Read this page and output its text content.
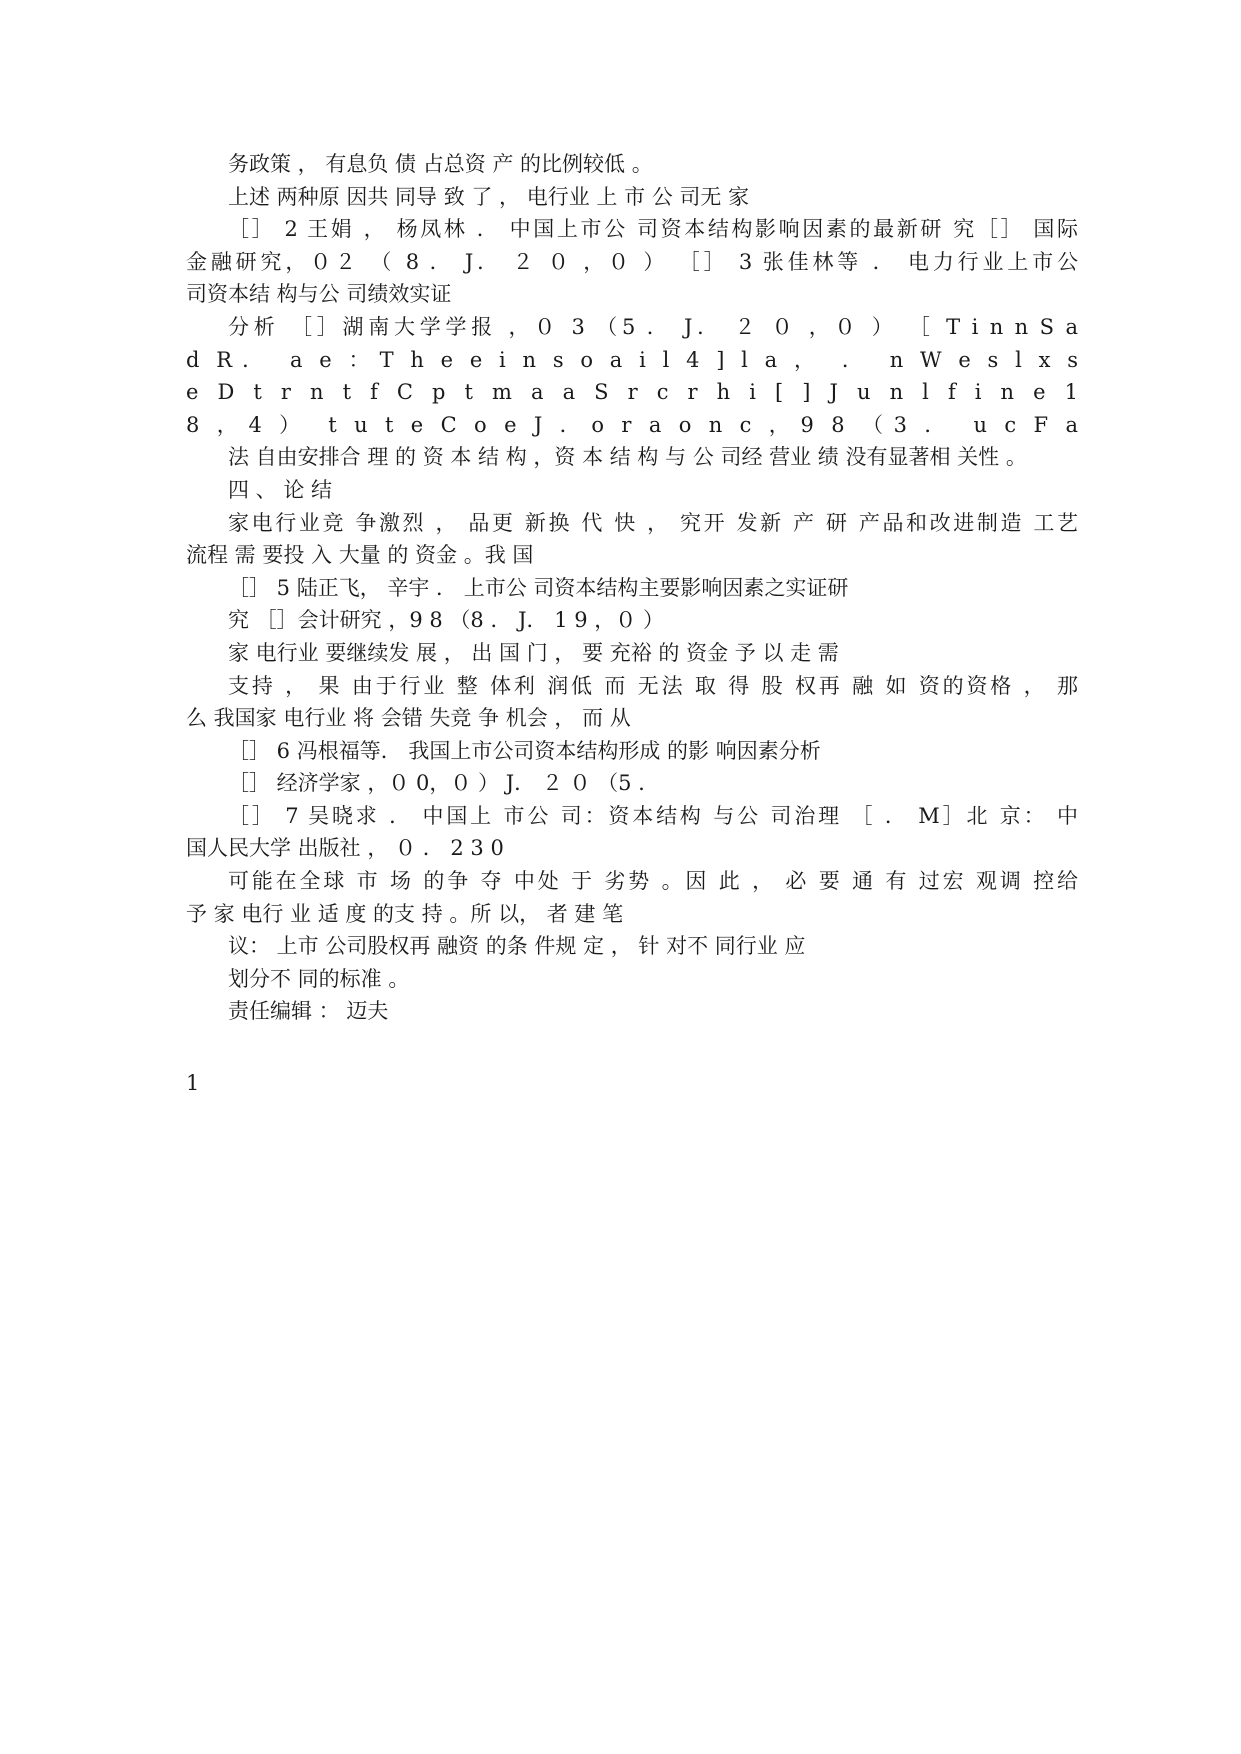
务政策 ， 有息负 债 占总资 产 的比例较低 。
上述 两种原 因共 同导 致 了 ， 电行业 上 市 公 司无 家
［］ 2 王娟 ， 杨凤林 ． 中国上市公 司资本结构影响因素的最新研 究［］ 国际
金融研究，０２ （ 8 ． J． ２ ０ ，０ ） ［］ 3 张佳林等 ． 电力行业上市公
司资本结 构与公 司绩效实证
分析 ［］湖南大学学报 ，０ 3 （5 ． J． ２ ０ ，０ ） ［ T i n n S a
d R． a e ：T h e e i n s o a i l 4 ] l a ， ． n W e s l x s
e D t r n t f C p t m a a S r c r h i [ ] J u n l f i n e 1
8 ，4 ） t u t e C o e J ．o r a o n c ，9 8 （3 ． u c F a
法 自由安排合 理 的 资 本 结 构 ，资 本 结 构 与 公 司经 营业 绩 没有显著相 关性 。
四 、 论 结
家电行业竞 争激烈 ， 品更 新换 代 快 ， 究开 发新 产 研 产品和改进制造 工艺
流程 需 要投 入 大量 的 资金 。我 国
［］ 5 陆正飞， 辛宇 ． 上市公 司资本结构主要影响因素之实证研
究 ［］会计研究 ，9 8 （8 ． J． 1 9 ，０ ）
家 电行业 要继续发 展 ， 出 国 门 ， 要 充裕 的 资金 予 以 走 需
支持 ， 果 由于行业 整 体利 润低 而 无法 取 得 股 权再 融 如 资的资格 ， 那
么 我国家 电行业 将 会错 失竞 争 机会 ， 而 从
［］ 6 冯根福等． 我国上市公司资本结构形成 的影 响因素分析
［］ 经济学家 ，０ 0，０ ） J． ２ ０ （5 ．
［］ 7 吴晓求 ． 中国上 市公 司：资本结构 与公 司治理 ［ ． M］北 京： 中
国人民大学 出版社 ， ０ ． 2 3 0
可能在全球 市 场 的争 夺 中处 于 劣势 。因 此 ， 必 要 通 有 过宏 观调 控给
予 家 电行 业 适 度 的支 持 。所 以， 者 建 笔
议： 上市 公司股权再 融资 的条 件规 定 ， 针 对不 同行业 应
划分不 同的标准 。
责任编辑 ： 迈夫
1
